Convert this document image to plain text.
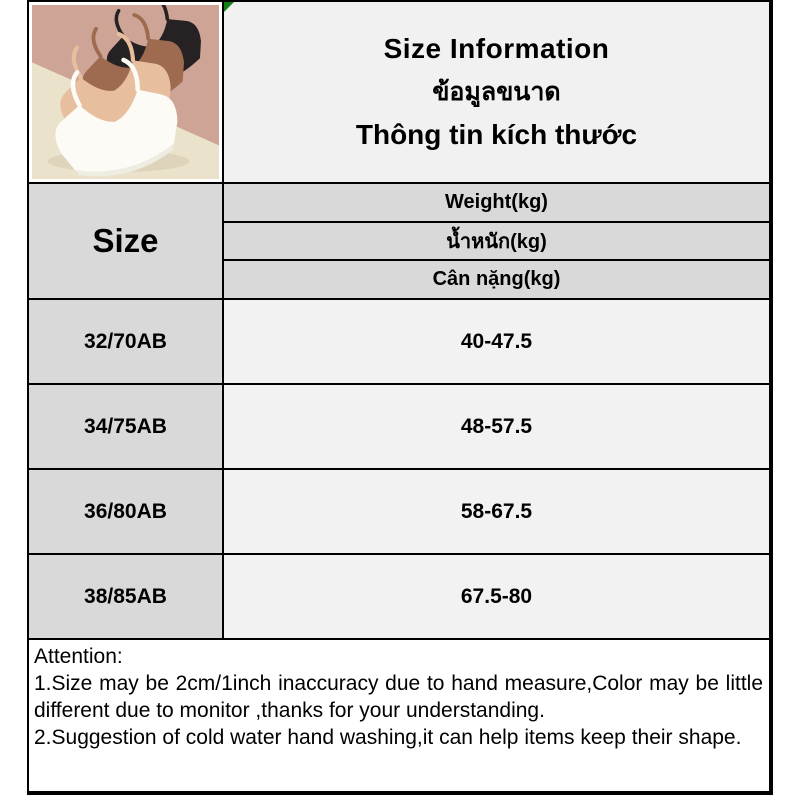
Size Information
ข้อมูลขนาด
Thông tin kích thước
Size
Weight(kg)
น้ำหนัก(kg)
Cân nặng(kg)
32/70AB	40-47.5
34/75AB	48-57.5
36/80AB	58-67.5
38/85AB	67.5-80

Attention:

1.Size may be 2cm/1inch inaccuracy due to hand measure,Color may be little different due to monitor ,thanks for your understanding.

2.Suggestion of cold water hand washing,it can help items keep their shape.
